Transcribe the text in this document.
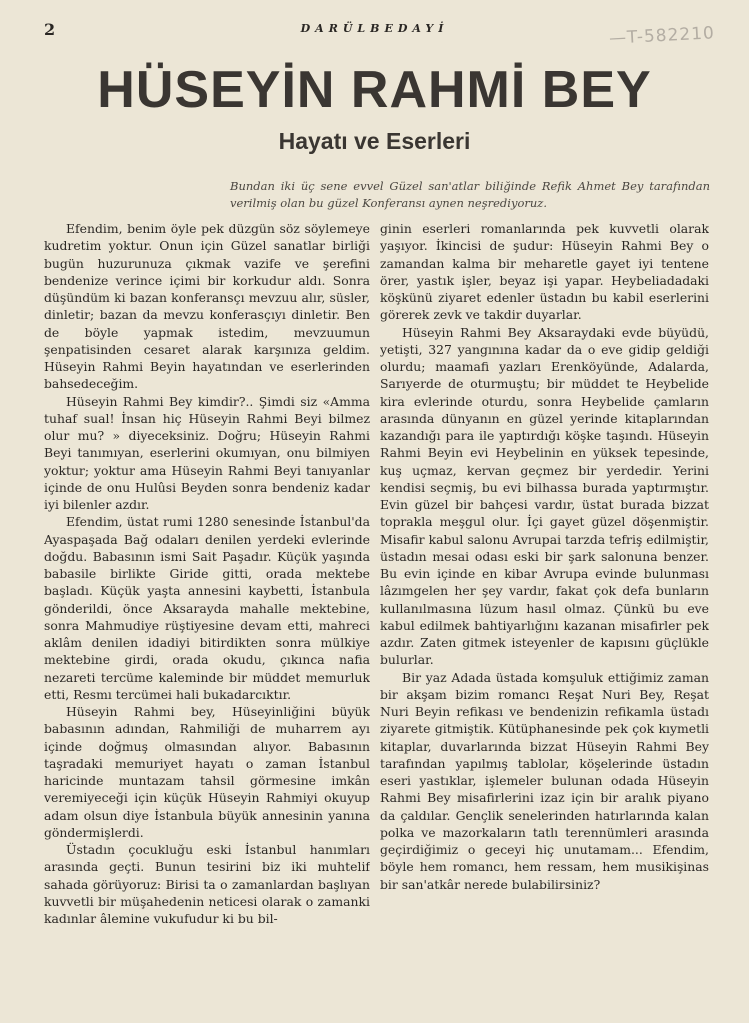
2	DARÜLBEDAYİ	—T-582210
HÜSEYİN RAHMİ BEY
Hayatı ve Eserleri
Bundan iki üç sene evvel Güzel san'atlar biliğinde Refik Ahmet Bey tarafından verilmiş olan bu güzel Konferansı aynen neşrediyoruz.

Efendim, benim öyle pek düzgün söz söylemeye kudretim yoktur. Onun için Güzel sanatlar birliği bugün huzurunuza çıkmak vazife ve şerefini bendenize verince içimi bir korkudur aldı. Sonra düşündüm ki bazan konferansçı mevzuu alır, süsler, dinletir; bazan da mevzu konferasçıyı dinletir. Ben de böyle yapmak istedim, mevzuumun şenpatisinden cesaret alarak karşınıza geldim. Hüseyin Rahmi Beyin hayatından ve eserlerinden bahsedeceğim.

Hüseyin Rahmi Bey kimdir?.. Şimdi siz «Amma tuhaf sual! İnsan hiç Hüseyin Rahmi Beyi bilmez olur mu? » diyeceksiniz. Doğru; Hüseyin Rahmi Beyi tanımıyan, eserlerini okumıyan, onu bilmiyen yoktur; yoktur ama Hüseyin Rahmi Beyi tanıyanlar içinde de onu Hulûsi Beyden sonra bendeniz kadar iyi bilenler azdır.

Efendim, üstat rumi 1280 senesinde İstanbul'da Ayaspaşada Bağ odaları denilen yerdeki evlerinde doğdu. Babasının ismi Sait Paşadır. Küçük yaşında babasile birlikte Giride gitti, orada mektebe başladı. Küçük yaşta annesini kaybetti, İstanbula gönderildi, önce Aksarayda mahalle mektebine, sonra Mahmudiye rüştiyesine devam etti, mahreci aklâm denilen idadiyi bitirdikten sonra mülkiye mektebine girdi, orada okudu, çıkınca nafia nezareti tercüme kaleminde bir müddet memurluk etti, Resmı tercümei hali bukadarcıktır.

Hüseyin Rahmi bey, Hüseyinliğini büyük babasının adından, Rahmiliği de muharrem ayı içinde doğmuş olmasından alıyor. Babasının taşradaki memuriyet hayatı o zaman İstanbul haricinde muntazam tahsil görmesine imkân veremiyeceği için küçük Hüseyin Rahmiyi okuyup adam olsun diye İstanbula büyük annesinin yanına göndermişlerdi.

Üstadın çocukluğu eski İstanbul hanımları arasında geçti. Bunun tesirini biz iki muhtelif sahada görüyoruz: Birisi ta o zamanlardan başlıyan kuvvetli bir müşahedenin neticesi olarak o zamanki kadınlar âlemine vukufudur ki bu bil-

ginin eserleri romanlarında pek kuvvetli olarak yaşıyor. İkincisi de şudur: Hüseyin Rahmi Bey o zamandan kalma bir meharetle gayet iyi tentene örer, yastık işler, beyaz işi yapar. Heybeliadadaki köşkünü ziyaret edenler üstadın bu kabil eserlerini görerek zevk ve takdir duyarlar.

Hüseyin Rahmi Bey Aksaraydaki evde büyüdü, yetişti, 327 yangınına kadar da o eve gidip geldiği olurdu; maamafi yazları Erenköyünde, Adalarda, Sarıyerde de oturmuştu; bir müddet te Heybelide kira evlerinde oturdu, sonra Heybelide çamların arasında dünyanın en güzel yerinde kitaplarından kazandığı para ile yaptırdığı köşke taşındı. Hüseyin Rahmi Beyin evi Heybelinin en yüksek tepesinde, kuş uçmaz, kervan geçmez bir yerdedir. Yerini kendisi seçmiş, bu evi bilhassa burada yaptırmıştır. Evin güzel bir bahçesi vardır, üstat burada bizzat toprakla meşgul olur. İçi gayet güzel döşenmiştir. Misafir kabul salonu Avrupai tarzda tefriş edilmiştir, üstadın mesai odası eski bir şark salonuna benzer. Bu evin içinde en kibar Avrupa evinde bulunması lâzımgelen her şey vardır, fakat çok defa bunların kullanılmasına lüzum hasıl olmaz. Çünkü bu eve kabul edilmek bahtiyarlığını kazanan misafirler pek azdır. Zaten gitmek isteyenler de kapısını güçlükle bulurlar.

Bir yaz Adada üstada komşuluk ettiğimiz zaman bir akşam bizim romancı Reşat Nuri Bey, Reşat Nuri Beyin refikası ve bendenizin refikamla üstadı ziyarete gitmiştik. Kütüphanesinde pek çok kıymetli kitaplar, duvarlarında bizzat Hüseyin Rahmi Bey tarafından yapılmış tablolar, köşelerinde üstadın eseri yastıklar, işlemeler bulunan odada Hüseyin Rahmi Bey misafirlerini izaz için bir aralık piyano da çaldılar. Gençlik senelerinden hatırlarında kalan polka ve mazorkaların tatlı terennümleri arasında geçirdiğimiz o geceyi hiç unutamam... Efendim, böyle hem romancı, hem ressam, hem musikişinas bir san'atkâr nerede bulabilirsiniz?
